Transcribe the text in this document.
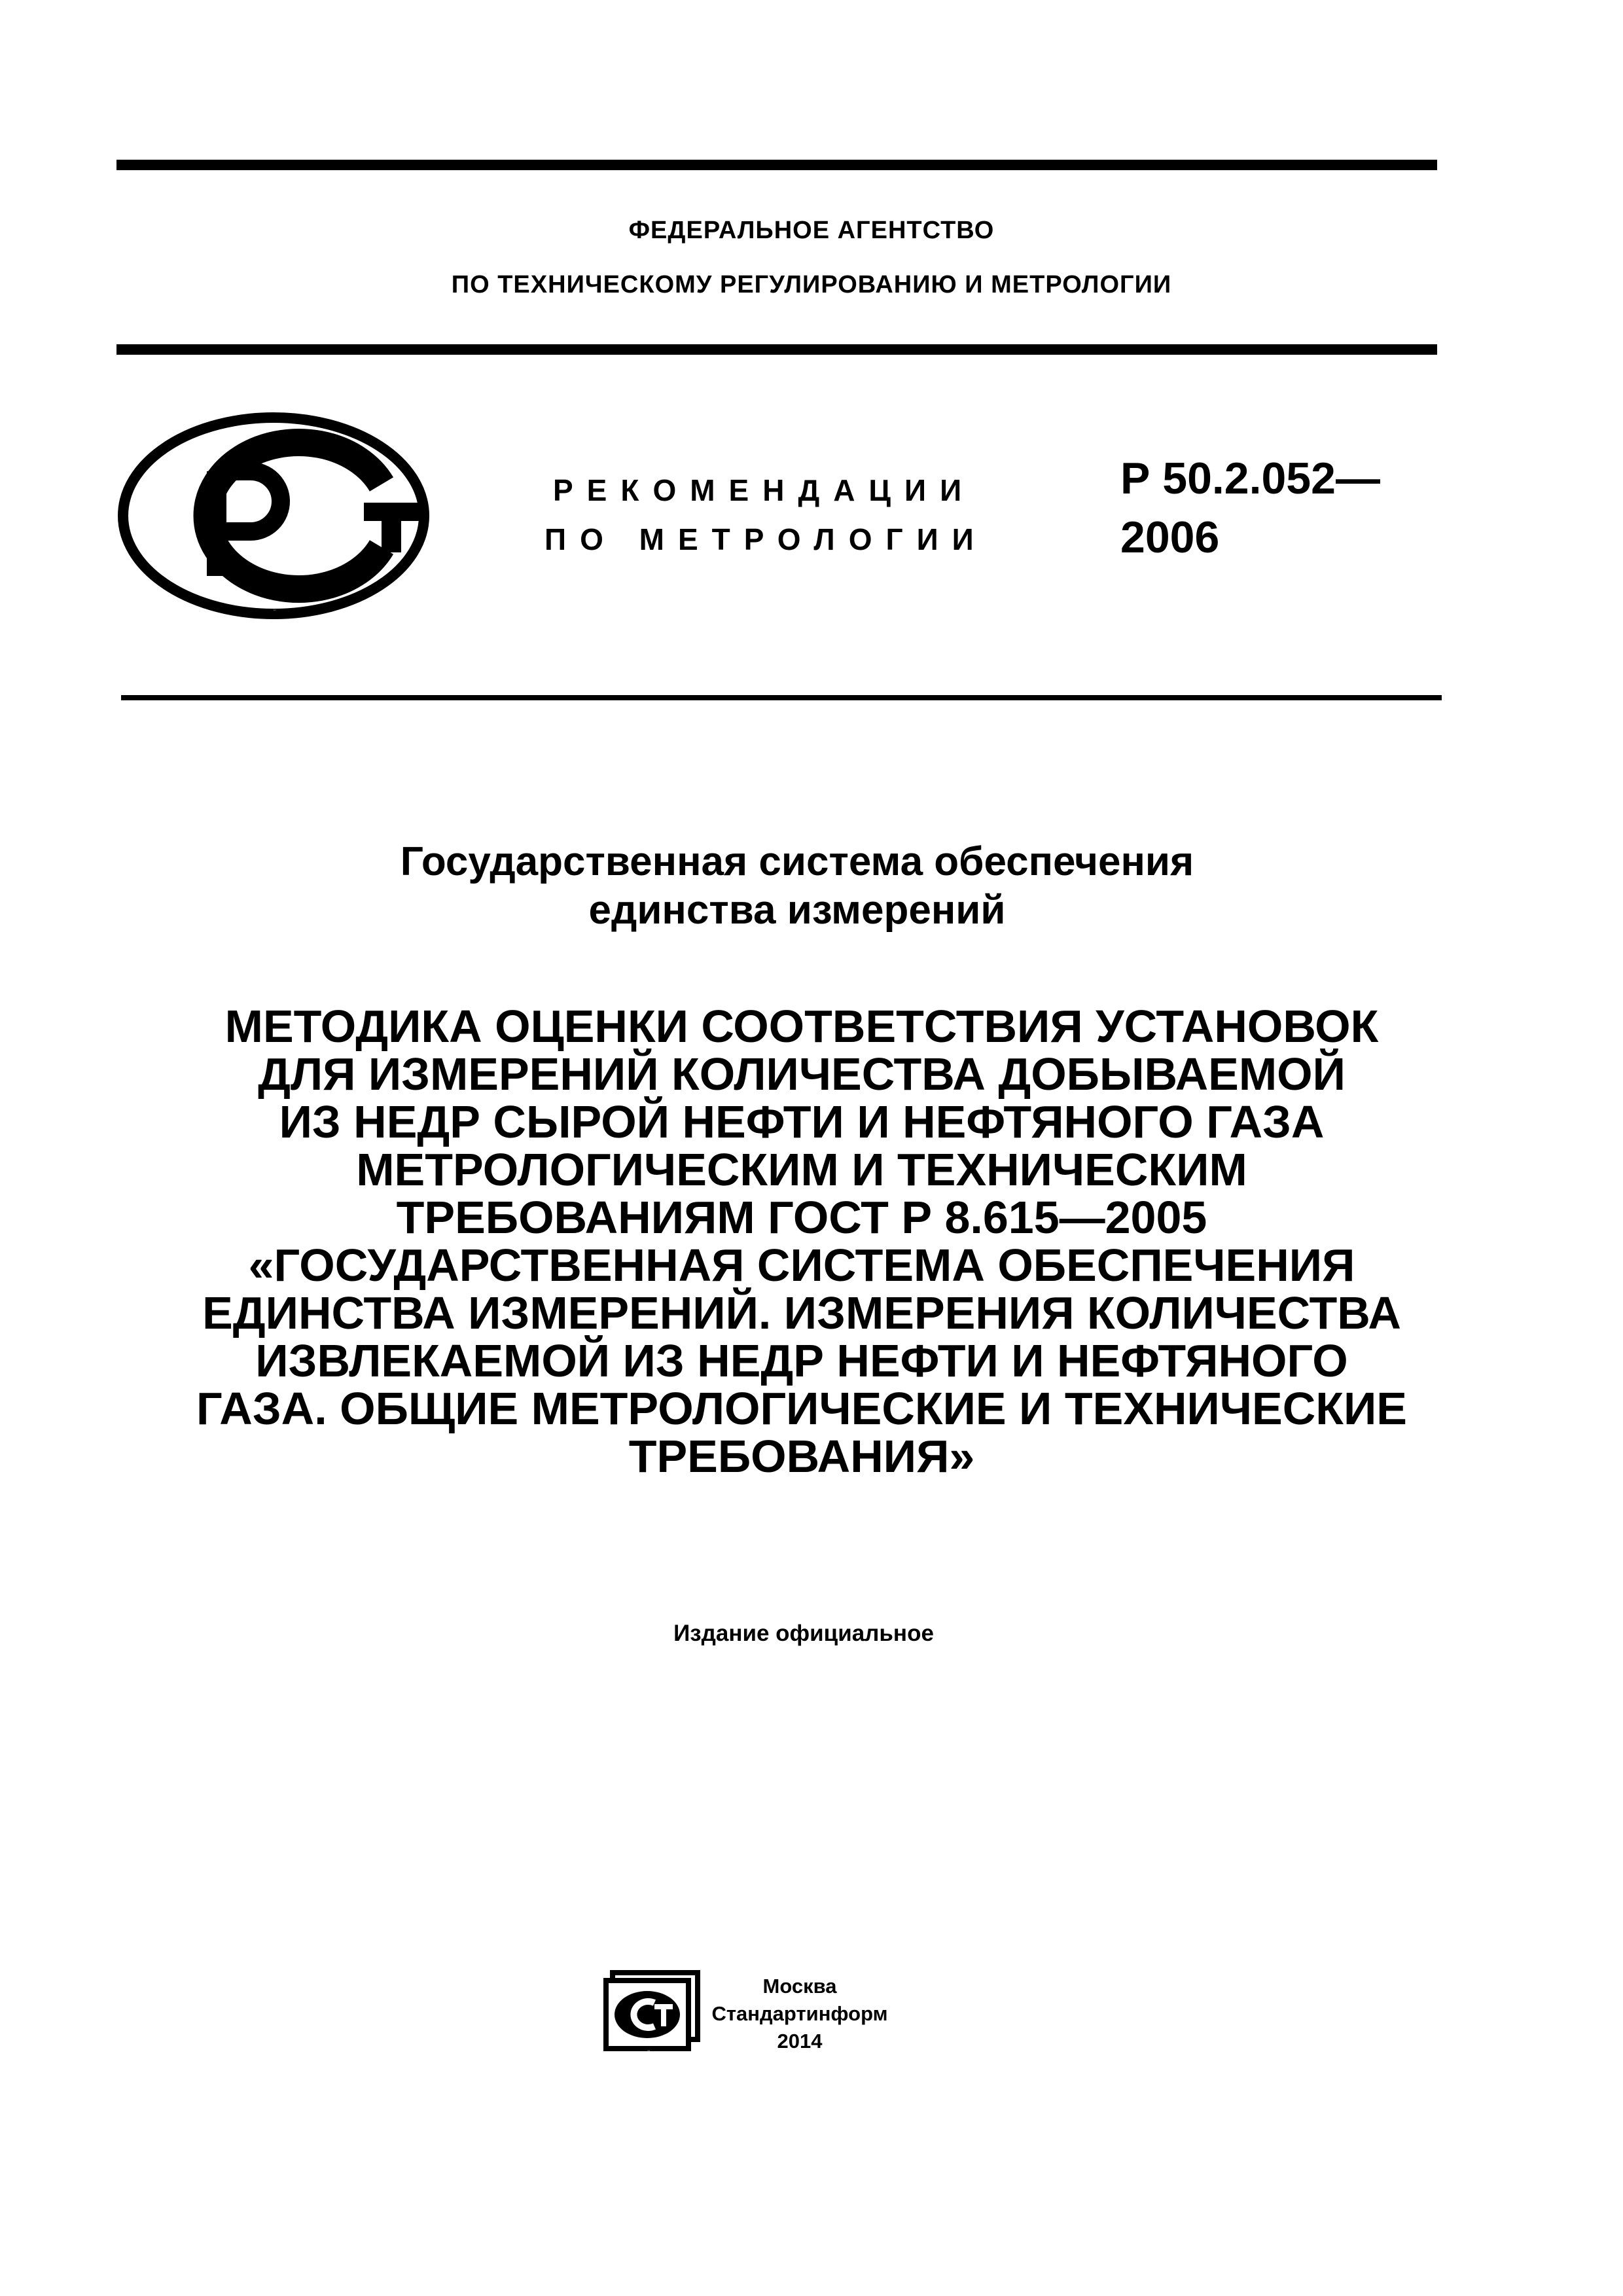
ФЕДЕРАЛЬНОЕ АГЕНТСТВО
ПО ТЕХНИЧЕСКОМУ РЕГУЛИРОВАНИЮ И МЕТРОЛОГИИ
РСТ
РЕКОМЕНДАЦИИ
ПО МЕТРОЛОГИИ
Р 50.2.052—
2006
Государственная система обеспечения
единства измерений
МЕТОДИКА ОЦЕНКИ СООТВЕТСТВИЯ УСТАНОВОК
ДЛЯ ИЗМЕРЕНИЙ КОЛИЧЕСТВА ДОБЫВАЕМОЙ
ИЗ НЕДР СЫРОЙ НЕФТИ И НЕФТЯНОГО ГАЗА
МЕТРОЛОГИЧЕСКИМ И ТЕХНИЧЕСКИМ
ТРЕБОВАНИЯМ ГОСТ Р 8.615—2005
«ГОСУДАРСТВЕННАЯ СИСТЕМА ОБЕСПЕЧЕНИЯ
ЕДИНСТВА ИЗМЕРЕНИЙ. ИЗМЕРЕНИЯ КОЛИЧЕСТВА
ИЗВЛЕКАЕМОЙ ИЗ НЕДР НЕФТИ И НЕФТЯНОГО
ГАЗА. ОБЩИЕ МЕТРОЛОГИЧЕСКИЕ И ТЕХНИЧЕСКИЕ
ТРЕБОВАНИЯ»
Издание официальное
СТИ
Москва
Стандартинформ
2014
